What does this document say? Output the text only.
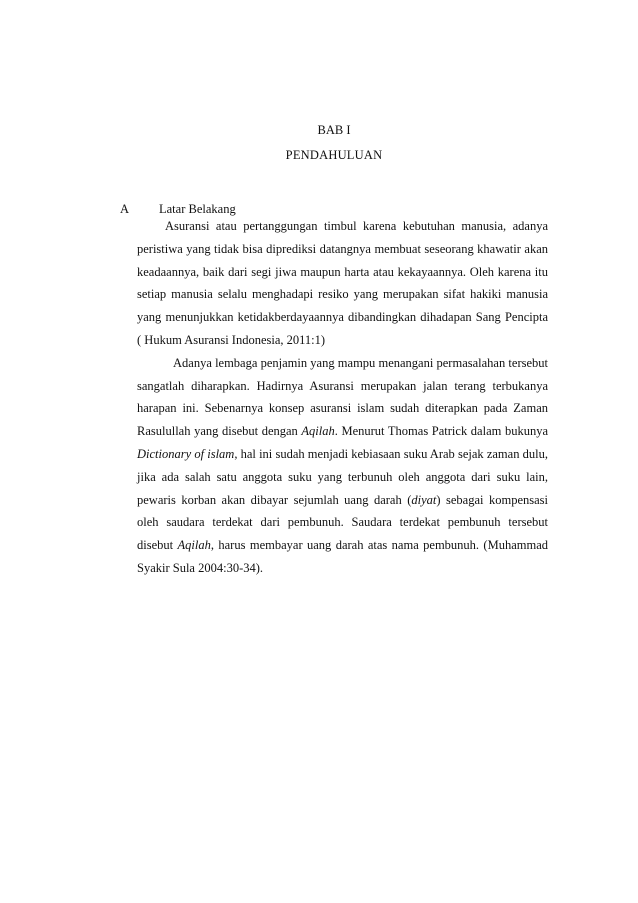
BAB I
PENDAHULUAN
A 	Latar Belakang

Asuransi atau pertanggungan timbul karena kebutuhan manusia, adanya peristiwa yang tidak bisa diprediksi datangnya membuat seseorang khawatir akan keadaannya, baik dari segi jiwa maupun harta atau kekayaannya. Oleh karena itu setiap manusia selalu menghadapi resiko yang merupakan sifat hakiki manusia yang menunjukkan ketidakberdayaannya dibandingkan dihadapan Sang Pencipta ( Hukum Asuransi Indonesia, 2011:1)

Adanya lembaga penjamin yang mampu menangani permasalahan tersebut sangatlah diharapkan. Hadirnya Asuransi merupakan jalan terang terbukanya harapan ini. Sebenarnya konsep asuransi islam sudah diterapkan pada Zaman Rasulullah yang disebut dengan Aqilah. Menurut Thomas Patrick dalam bukunya Dictionary of islam, hal ini sudah menjadi kebiasaan suku Arab sejak zaman dulu, jika ada salah satu anggota suku yang terbunuh oleh anggota dari suku lain, pewaris korban akan dibayar sejumlah uang darah (diyat) sebagai kompensasi oleh saudara terdekat dari pembunuh. Saudara terdekat pembunuh tersebut disebut Aqilah, harus membayar uang darah atas nama pembunuh. (Muhammad Syakir Sula 2004:30-34).
